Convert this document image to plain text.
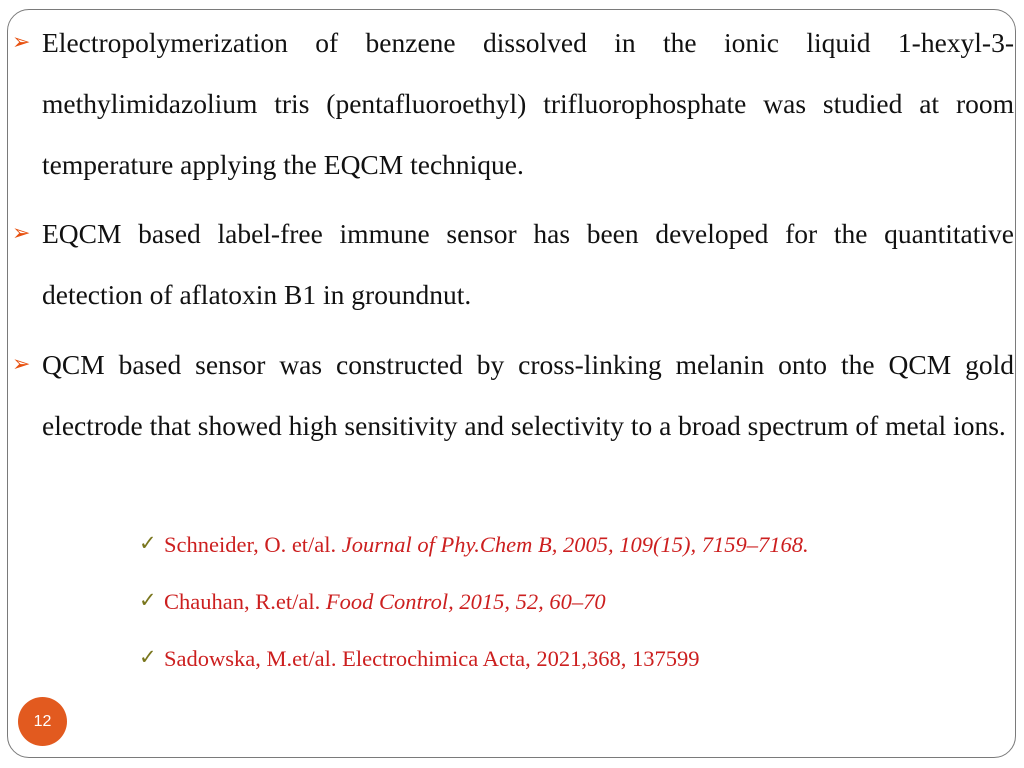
➢ Electropolymerization of benzene dissolved in the ionic liquid 1-hexyl-3-methylimidazolium tris (pentafluoroethyl) trifluorophosphate was studied at room temperature applying the EQCM technique.
➢ EQCM based label-free immune sensor has been developed for the quantitative detection of aflatoxin B1 in groundnut.
➢ QCM based sensor was constructed by cross-linking melanin onto the QCM gold electrode that showed high sensitivity and selectivity to a broad spectrum of metal ions.
✓ Schneider, O. et/al. Journal of Phy.Chem B, 2005, 109(15), 7159–7168.
✓ Chauhan, R.et/al. Food Control, 2015, 52, 60–70
✓ Sadowska, M.et/al. Electrochimica Acta, 2021,368, 137599
12
